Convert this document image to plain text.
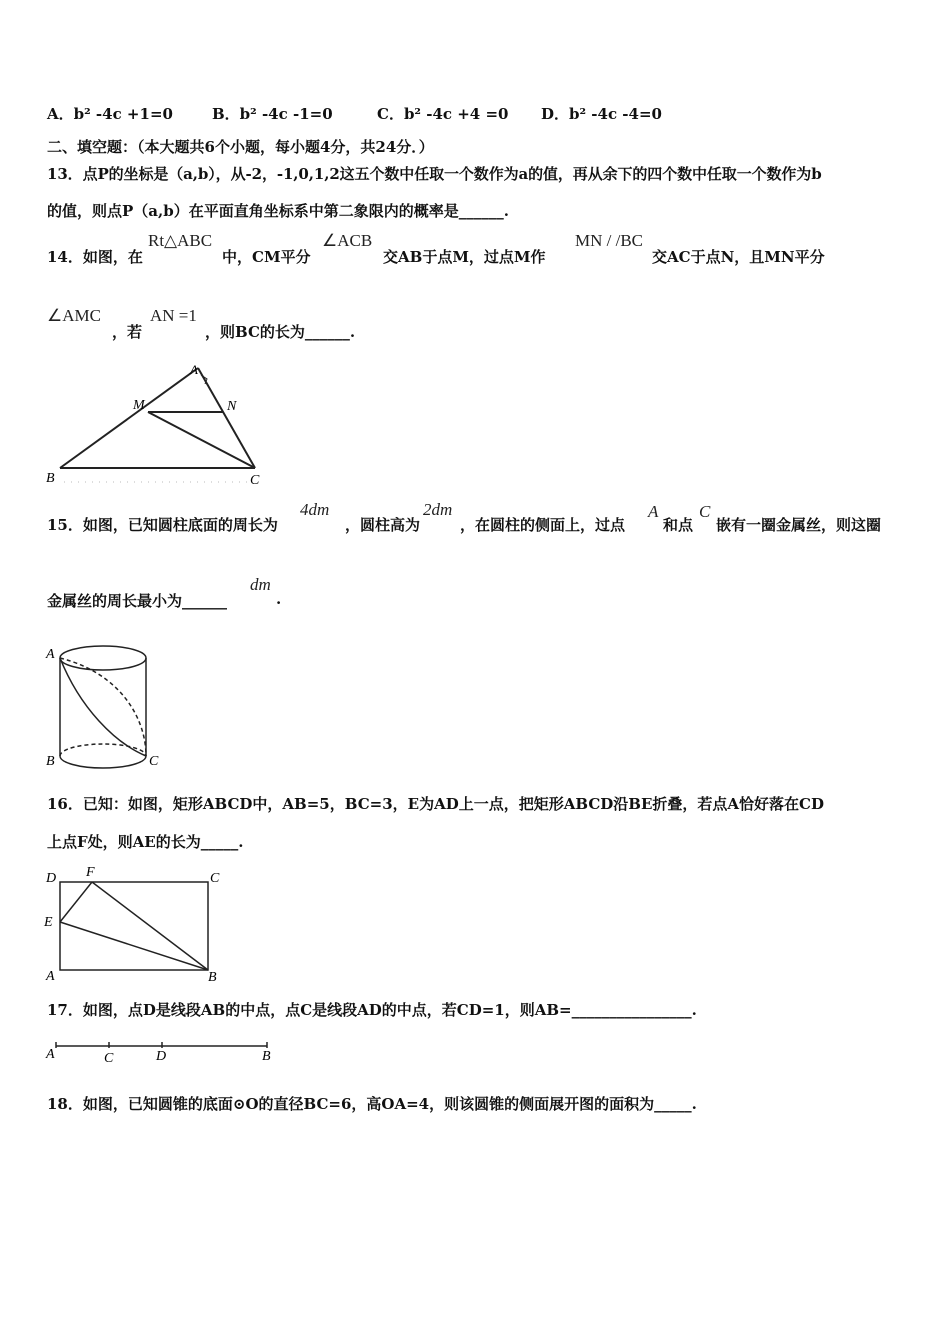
A．b² -4c +1=0	B．b² -4c -1=0	C．b² -4c +4 =0 D．b² -4c -4=0
二、填空题：（本大题共6个小题，每小题4分，共24分．）
13．点P的坐标是（a,b），从-2，-1,0,1,2这五个数中任取一个数作为a的值，再从余下的四个数中任取一个数作为b
的值，则点P（a,b）在平面直角坐标系中第二象限内的概率是______.
14．如图，在
Rt△ABC
中，CM平分
∠ACB
交AB于点M，过点M作
MN / /BC
交AC于点N，且MN平分
∠AMC
，若
AN =1
，则BC的长为______.
A
M	N
B	C
15．如图，已知圆柱底面的周长为
4dm
，圆柱高为
2dm
，在圆柱的侧面上，过点
A
和点
C
嵌有一圈金属丝，则这圈
金属丝的周长最小为______
dm
.
A
B	C
16．已知：如图，矩形ABCD中，AB=5，BC=3，E为AD上一点，把矩形ABCD沿BE折叠，若点A恰好落在CD
上点F处，则AE的长为_____.
D F	C
E
A	B
17．如图，点D是线段AB的中点，点C是线段AD的中点，若CD=1，则AB=________________.
A	C	D	B
18．如图，已知圆锥的底面⊙O的直径BC=6，高OA=4，则该圆锥的侧面展开图的面积为_____.
